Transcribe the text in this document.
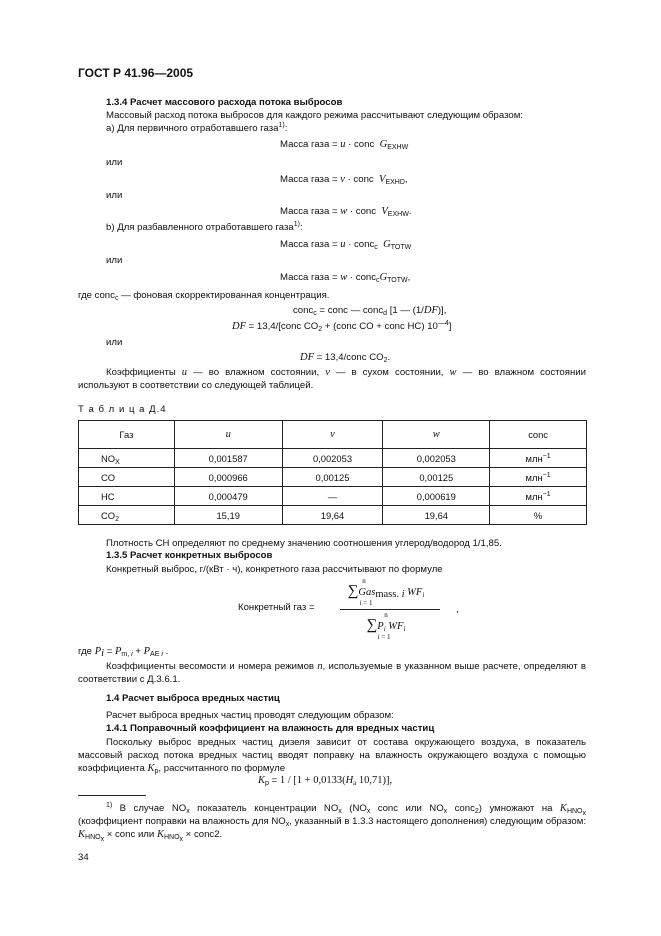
ГОСТ Р 41.96—2005
1.3.4 Расчет массового расхода потока выбросов
Массовый расход потока выбросов для каждого режима рассчитывают следующим образом:
а) Для первичного отработавшего газа$^{1)}$:
Масса газа = u · conc  $G_{EXHW}$
или
Масса газа = v · conc  $V_{EXHD}$,
или
Масса газа = w · conc  $V_{EXHW}$.
b) Для разбавленного отработавшего газа$^{1)}$:
Масса газа = u · conc$_c$ $G_{TOTW}$
или
Масса газа = $w \cdot conc_cG_{TOTW}$,
где conc$_c$ — фоновая скорректированная концентрация.
conc$_c$ = conc — conc$_d$ [1 — (1/DF)],
DF = 13,4/[conc $CO_2$ + (conc CO + conc HC) $10^{—4}$]
или
DF = 13,4/conc $CO_2$.
Коэффициенты u — во влажном состоянии, v — в сухом состоянии, w — во влажном состоянии используют в соответствии со следующей таблицей.
Т а б л и ц а Д.4
Газ	u	v	w	conc
$NO_X$	0,001587	0,002053	0,002053	млн$^{-1}$
CO	0,000966	0,00125	0,00125	млн$^{-1}$
HC	0,000479	—	0,000619	млн$^{-1}$
$CO_2$	15,19	19,64	19,64	%
Плотность СН определяют по среднему значению соотношения углерод/водород 1/1,85.
1.3.5 Расчет конкретных выбросов
Конкретный выброс, г/(кВт · ч), конкретного газа рассчитывают по формуле
Конкретный газ =
n
∑Gas$_{mass. i}$ $WF_i$
i = 1
n
$\sum P_i$ $WF_i$
i = 1
,
где $P_i = P_{m, i} + P_{AE i}$ .
Коэффициенты весомости и номера режимов n, используемые в указанном выше расчете, определяют в соответствии с Д.3.6.1.
1.4 Расчет выброса вредных частиц
Расчет выброса вредных частиц проводят следующим образом:
1.4.1 Поправочный коэффициент на влажность для вредных частиц
Поскольку выброс вредных частиц дизеля зависит от состава окружающего воздуха, в показатель массовый расход потока вредных частиц вводят поправку на влажность окружающего воздуха с помощью коэффициента $K_p$, рассчитанного по формуле
$K_p = 1 / [1 + 0,0133(H_a$ 10,71)],
$^{1)}$ В случае $NO_x$ показатель концентрации $NO_x$ ($NO_x$ conc или $NO_x$ conc$_2$) умножают на $K_{HNO_x}$ (коэффициент поправки на влажность для $NO_x$, указанный в 1.3.3 настоящего дополнения) следующим образом: $K_{HNO_x}$ × conc или $K_{HNO_x}$ × conc2.
34
